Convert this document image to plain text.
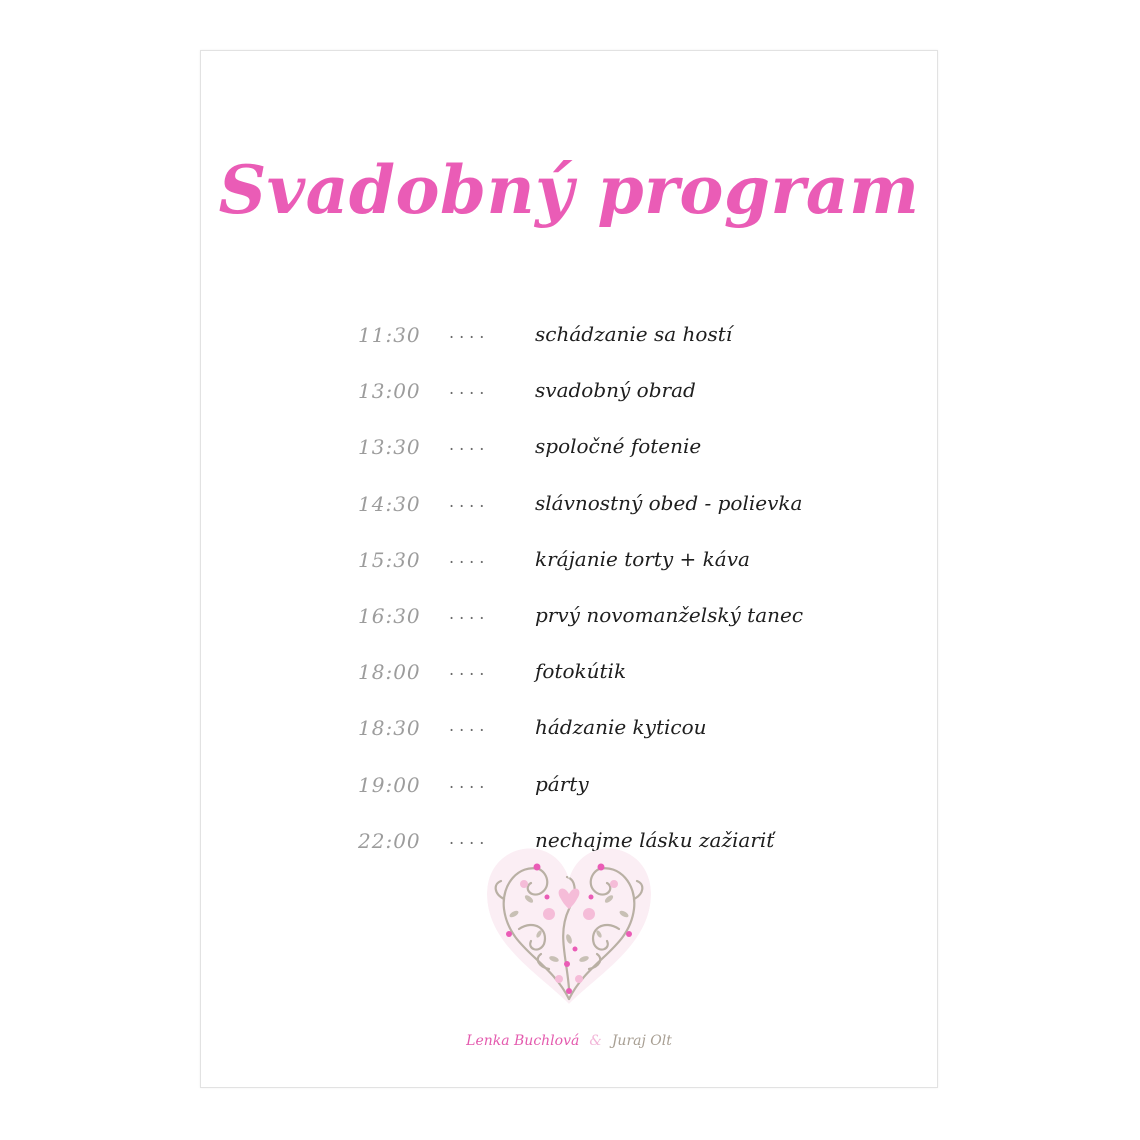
Svadobný program
11:30	.... schádzanie sa hostí
13:00	.... svadobný obrad
13:30	.... spoločné fotenie
14:30	.... slávnostný obed - polievka
15:30	.... krájanie torty + káva
16:30	.... prvý novomanželský tanec
18:00	.... fotokútik
18:30	.... hádzanie kyticou
19:00	.... párty
22:00	.... nechajme lásku zažiariť
Lenka Buchlová & Juraj Olt
